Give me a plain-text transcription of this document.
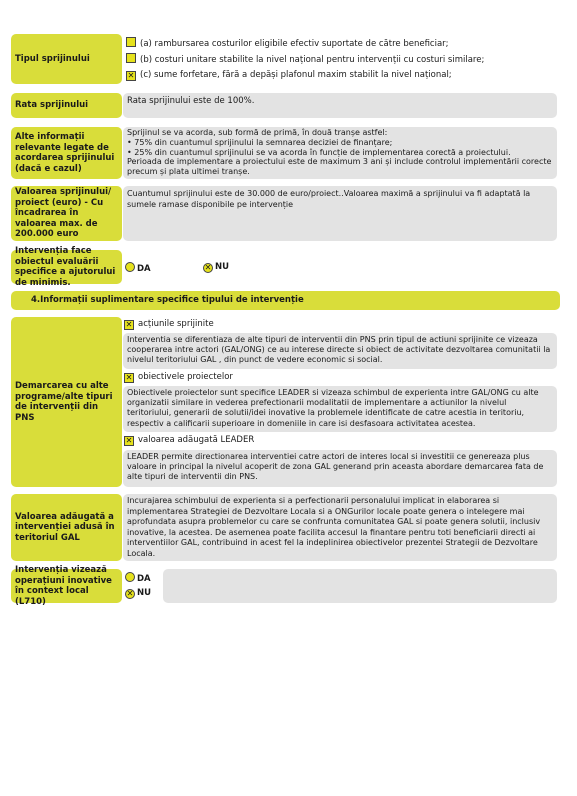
Tipul sprijinului
(a) rambursarea costurilor eligibile efectiv suportate de către beneficiar;
(b) costuri unitare stabilite la nivel național pentru intervenții cu costuri similare;
✕ (c) sume forfetare, fără a depăși plafonul maxim stabilit la nivel național;
Rata sprijinului	Rata sprijinului este de 100%.
Alte informații relevante legate de acordarea sprijinului (dacă e cazul)
Sprijinul se va acorda, sub formă de primă, în două tranșe astfel:
• 75% din cuantumul sprijinului la semnarea deciziei de finanțare;
• 25% din cuantumul sprijinului se va acorda în funcție de implementarea corectă a proiectului.
Perioada de implementare a proiectului este de maximum 3 ani și include controlul implementării corecte precum și plata ultimei tranșe.
Valoarea sprijinului/ proiect (euro) - Cu încadrarea în valoarea max. de 200.000 euro
Cuantumul sprijinului este de 30.000 de euro/proiect..Valoarea maximă a sprijinului va fi adaptată la sumele ramase disponibile pe intervenție
Intervenția face obiectul evaluării specifice a ajutorului de minimis.
DA	✕ NU
4.Informații suplimentare specifice tipului de intervenție
Demarcarea cu alte programe/alte tipuri de intervenții din PNS
✕ acțiunile sprijinite
Interventia se diferentiaza de alte tipuri de interventii din PNS prin tipul de actiuni sprijinite ce vizeaza cooperarea intre actori (GAL/ONG) ce au interese directe si obiect de activitate dezvoltarea comunitatii la nivelul teritoriului GAL , din punct de vedere economic si social.
✕ obiectivele proiectelor
Obiectivele proiectelor sunt specifice LEADER si vizeaza schimbul de experienta intre GAL/ONG cu alte organizatii similare in vederea prefectionarii modalitatii de implementare a actiunilor la nivelul teritoriului, generarii de solutii/idei inovative la problemele identificate de catre acestia in teritoriu, respectiv a calificarii superioare in domeniile in care isi desfasoara activitatea acestea.
✕ valoarea adăugată LEADER
LEADER permite directionarea interventiei catre actori de interes local si investitii ce genereaza plus valoare in principal la nivelul acoperit de zona GAL generand prin aceasta abordare demarcarea fata de alte tipuri de interventii din PNS.
Valoarea adăugată a intervenției adusă în teritoriul GAL
Incurajarea schimbului de experienta si a perfectionarii personalului implicat in elaborarea si implementarea Strategiei de Dezvoltare Locala si a ONGurilor locale poate genera o intelegere mai aprofundata asupra problemelor cu care se confrunta comunitatea GAL si poate genera solutii, inclusiv inovative, la acestea. De asemenea poate facilita accesul la finantare pentru toti beneficiarii directi ai interventiilor GAL, contribuind in acest fel la indeplinirea obiectivelor prezentei Strategii de Dezvoltare Locala.
Intervenția vizează operațiuni inovative în context local (L710)
DA
✕ NU
